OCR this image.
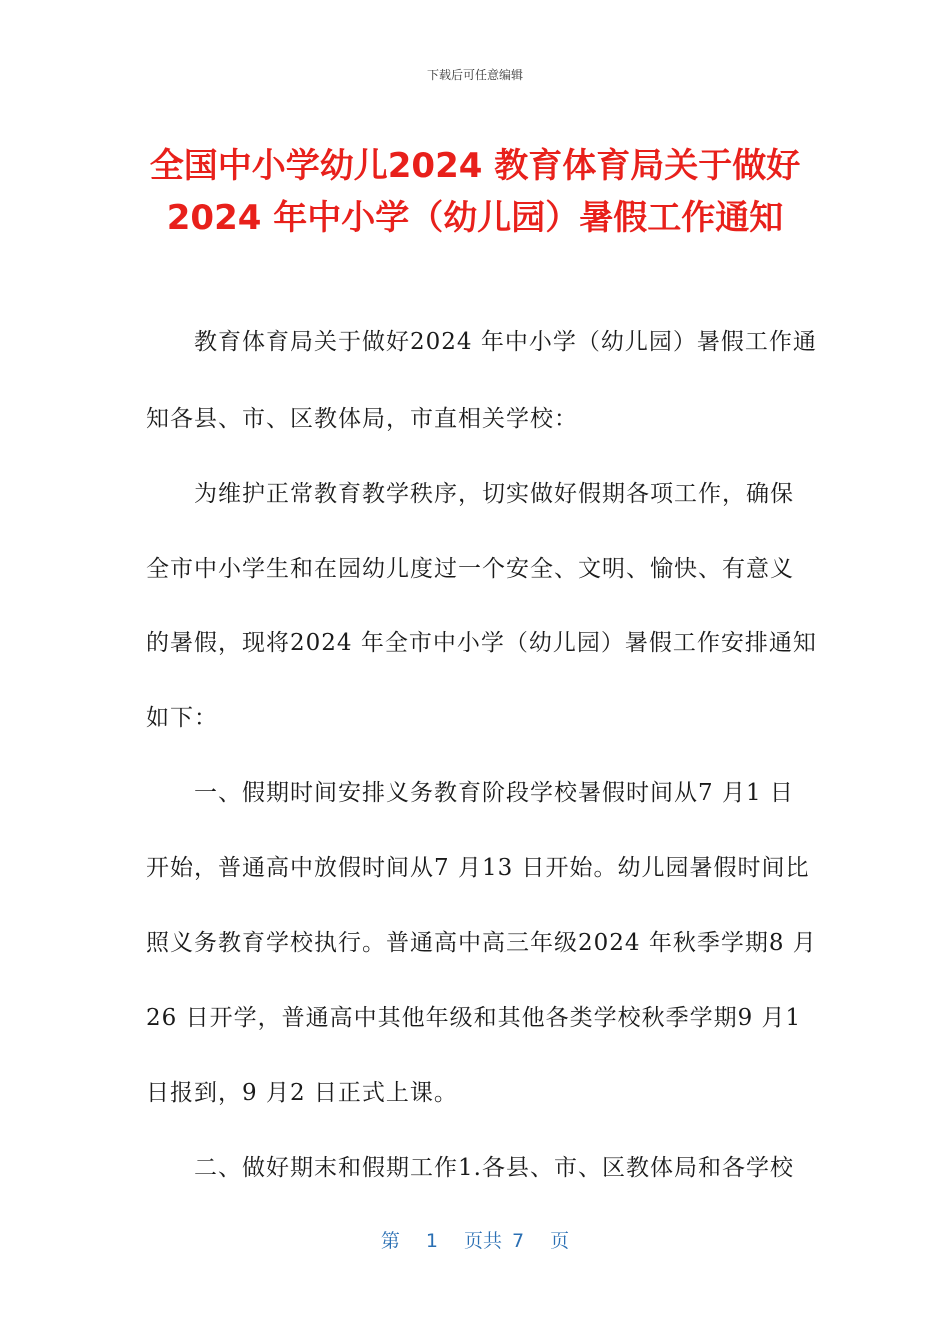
下载后可任意编辑
全国中小学幼儿2024 教育体育局关于做好
2024 年中小学（幼儿园）暑假工作通知
教育体育局关于做好2024 年中小学（幼儿园）暑假工作通
知各县、市、区教体局，市直相关学校：
为维护正常教育教学秩序，切实做好假期各项工作，确保
全市中小学生和在园幼儿度过一个安全、文明、愉快、有意义
的暑假，现将2024 年全市中小学（幼儿园）暑假工作安排通知
如下：
一、假期时间安排义务教育阶段学校暑假时间从7 月1 日
开始，普通高中放假时间从7 月13 日开始。幼儿园暑假时间比
照义务教育学校执行。普通高中高三年级2024 年秋季学期8 月
26 日开学，普通高中其他年级和其他各类学校秋季学期9 月1
日报到，9 月2 日正式上课。
二、做好期末和假期工作1.各县、市、区教体局和各学校
第 1 页共 7 页
